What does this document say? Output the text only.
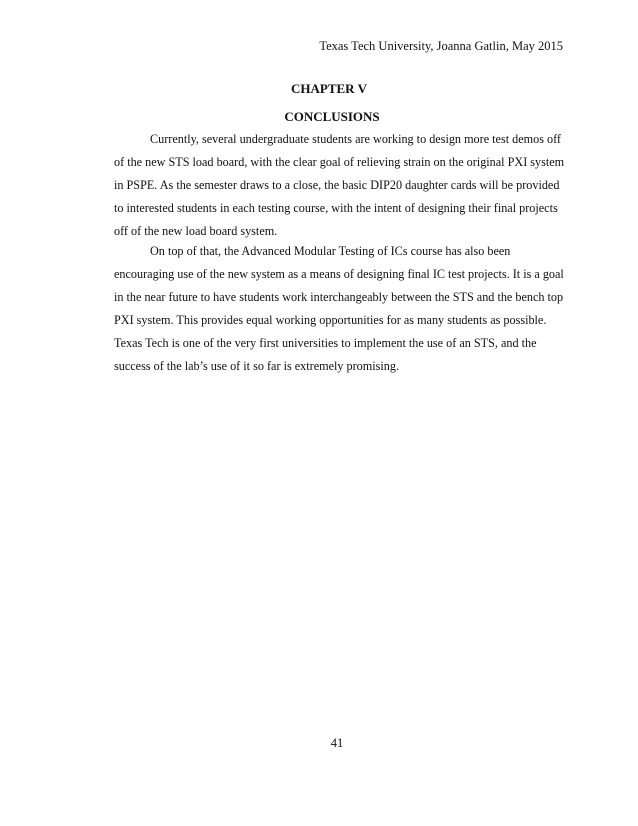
Texas Tech University, Joanna Gatlin, May 2015
CHAPTER V
CONCLUSIONS

Currently, several undergraduate students are working to design more test demos off of the new STS load board, with the clear goal of relieving strain on the original PXI system in PSPE. As the semester draws to a close, the basic DIP20 daughter cards will be provided to interested students in each testing course, with the intent of designing their final projects off of the new load board system.

On top of that, the Advanced Modular Testing of ICs course has also been encouraging use of the new system as a means of designing final IC test projects. It is a goal in the near future to have students work interchangeably between the STS and the bench top PXI system. This provides equal working opportunities for as many students as possible. Texas Tech is one of the very first universities to implement the use of an STS, and the success of the lab’s use of it so far is extremely promising.

41
